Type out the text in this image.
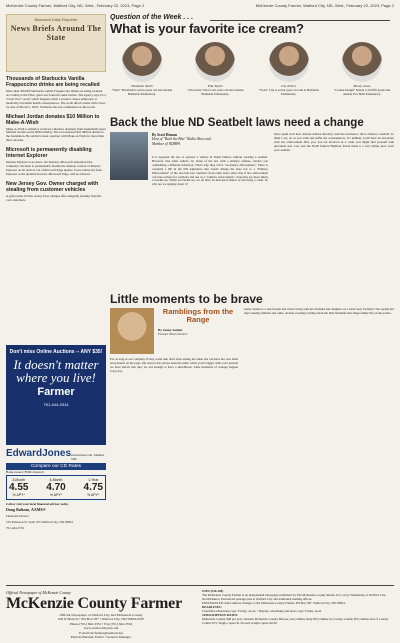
McKenzie County Farmer, Watford City, ND, Wed., February 22, 2023, Page 2	McKenzie County Farmer, Watford City, ND, Wed., February 22, 2023, Page 2
Bismarck Daily Reporter
News Briefs Around The State
Thousands of Starbucks Vanilla Frappuccino drinks are being recalled
More than 300,000 Starbucks vanilla Frappuccino drinks are being recalled. According to the FDA, glass was found in some bottles. The agency says it's a "Class Two" recall, which happens when a product causes temporary or medically reversible health consequences. The recall affects items with a best-by date of March 5, 2023. Starbucks has not commented on the recall.
Michael Jordan donates $10 Million to Make-A-Wish
Make-A-Wish to America received a massive donation from basketball's great Michael Jordan on his 60th birthday. The icon donated $10 million dollars to the foundation. He said he's been a partner with Make-A-Wish for more than three decades.
Microsoft is permanently disabling Internet Explorer
Internet Explorer is no more. On Tuesday, Microsoft announced the company's decision to permanently disable the desktop version of Internet Explorer on all devices via a Microsoft Edge update. Users redirected from Explorer to the updated browser. Microsoft Edge, will be allowed.
New Jersey Gov. Owner charged with stealing from customer vehicles
A gym owner in New Jersey faces charges after allegedly stealing from his own customers.
Don't miss Online Auctions -- ANY $35!
It doesn't matter where you live!
Farmer
701-444-3314
EdwardJones edwardjones.com | Member SIPC
Compare our CD Rates
Bank-issued, FDIC-Insured
3-Month
4.55
% APY*
6-Month
4.70
% APY*
1-Year
4.75
% APY*
Call or visit your local financial advisor today.
Doug Baltzan, AAMS®
Financial Advisor
105 Patterson St, Suite 105 Watford City, ND 58854
701-444-3791
Question of the Week . . .
What is your favorite ice cream?
Elizabeth Smith
"Paris" Elizabeth is seven years old and attends Badlands Elementary.
Ella Taylor
"Chocolate" Ella is six years old and attends Badlands Elementary.
Lily Peters
"Twist" Lily is seven years old and at Badlands Elementary.
Monty Jones
"Cookie Dough" Monty is in fifth grade and attends Fox Hills Elementary.
Back the blue ND Seatbelt laws need a change
By Scott Homan
Host of "Back the Blue" Radio Show and Member of NDHPA
It is apparent the law to sponsor a vehicle in North Dakota without wearing a seatbelt. However, that same vehicle, by virtue of the law with a primary offense, catches you committing a different infraction. That's why they call it "secondary enforcement." There is currently a bill in the ND legislature that would change the state law to a "Primary Enforcement" of the seat belt law. Statistics from other states show that if law enforcement can issue tickets for seatbelts and use as a "primary enforcement", motorists are more likely to buckle up. When we buckle up, we all have an increased chance of surviving a crash. So why are we arguing about it?
Once again we'll hear citizens remark that they want the freedom to drive without a seatbelt. To them I say, do as you wish and suffer the consequences. It's unlikely you'll have an encounter with law enforcement. But, you, you are involved in a crash, you might find yourself with unwanted seat. Last year the North Dakota Highway Patrol made it a very simple plea: wear your seatbelt.
Little moments to be brave
Ramblings from the Range
By Jenny Sauber
Farmer News Service
For as long as our company, Evany could talk, she's been asking me when she can have her own hand and patterns on the page. My answer has always been the same: when you're bigger. Kids can't pretend we have shown that they are old enough to have a sketchbook. Little moments of courage happen every day.
Jenny Sauber is a ranch mom and writer living with her husband and daughter on a ranch near Fairfield. She spends her days chasing children and cattle, and her evenings writing about the little moments that shape family life on the prairie.
Official Newspaper of McKenzie County
McKenzie County Farmer
Official Newspaper of Watford City and McKenzie County
108 N Main St • PO Box 587 • Watford City, ND 58854-0587
Phone (701) 842-3351 • Fax (701) 842-3552
www.watfordcitynd.com
E-mail: mcfarmer@nemont.net
Patricia Burstad, Editor • General Manager
USPS (336-100)
The McKenzie County Farmer is an independent newspaper published by The McKenzie County Media LLC every Wednesday at Watford City, North Dakota. Periodicals postage paid at Watford City and additional mailing offices.
POSTMASTER: Send address changes to the McKenzie County Farmer, PO Box 587, Watford City, ND 58854.
DEADLINES:
Classified advertising copy: Friday, 4 p.m. • Display advertising and news copy: Friday, noon
SUBSCRIPTION RATES:
McKenzie County $48 per year; Outside McKenzie County $60 per year; Online Only $35; Online for County Combo $55; Online Out of County Combo $75. Single copies $1.50 each weight copies $2.00.
